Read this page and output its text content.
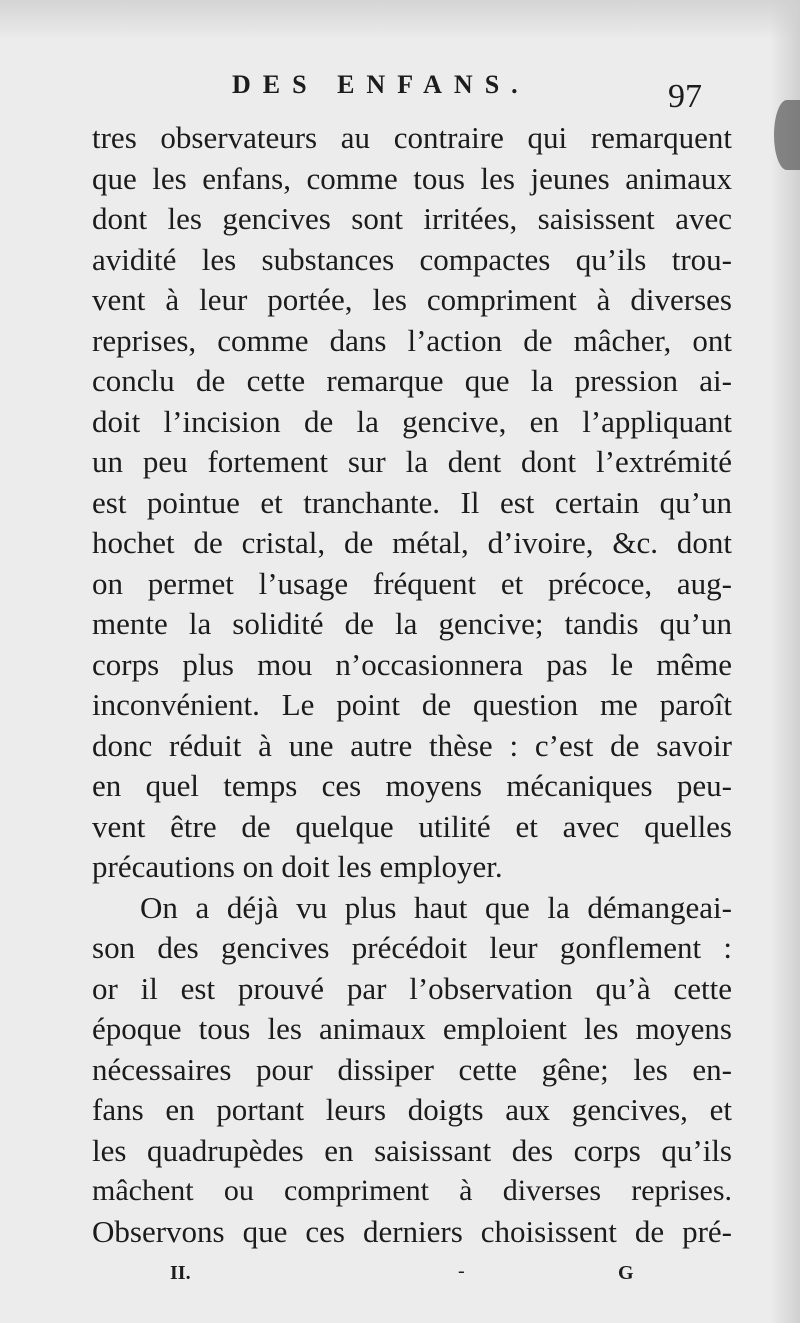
DES ENFANS.	97
tres observateurs au contraire qui remarquent
que les enfans, comme tous les jeunes animaux
dont les gencives sont irritées, saisissent avec
avidité les substances compactes qu’ils trou-
vent à leur portée, les compriment à diverses
reprises, comme dans l’action de mâcher, ont
conclu de cette remarque que la pression ai-
doit l’incision de la gencive, en l’appliquant
un peu fortement sur la dent dont l’extrémité
est pointue et tranchante. Il est certain qu’un
hochet de cristal, de métal, d’ivoire, &c. dont
on permet l’usage fréquent et précoce, aug-
mente la solidité de la gencive; tandis qu’un
corps plus mou n’occasionnera pas le même
inconvénient. Le point de question me paroît
donc réduit à une autre thèse : c’est de savoir
en quel temps ces moyens mécaniques peu-
vent être de quelque utilité et avec quelles
précautions on doit les employer.
On a déjà vu plus haut que la démangeai-
son des gencives précédoit leur gonflement :
or il est prouvé par l’observation qu’à cette
époque tous les animaux emploient les moyens
nécessaires pour dissiper cette gêne; les en-
fans en portant leurs doigts aux gencives, et
les quadrupèdes en saisissant des corps qu’ils
mâchent ou compriment à diverses reprises.
II.	-	G
Observons que ces derniers choisissent de pré-
